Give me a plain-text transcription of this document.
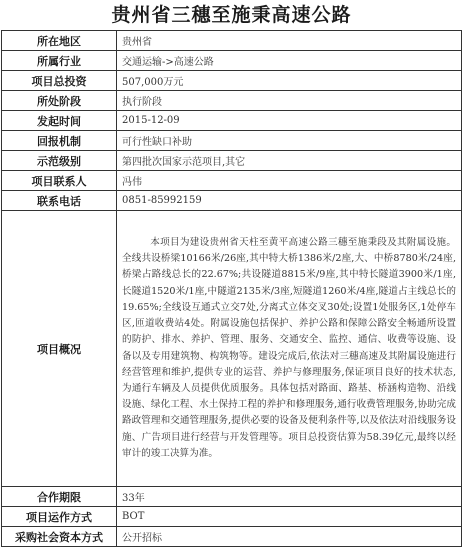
贵州省三穗至施秉高速公路
所在地区	贵州省
所属行业	交通运输->高速公路
项目总投资	507,000万元
所处阶段	执行阶段
发起时间	2015-12-09
回报机制	可行性缺口补助
示范级别	第四批次国家示范项目,其它
项目联系人	冯伟
联系电话	0851-85992159
项目概况	本项目为建设贵州省天柱至黄平高速公路三穗至施秉段及其附属设施。全线共设桥梁10166米/26座,其中特大桥1386米/2座,大、中桥8780米/24座,桥梁占路线总长的22.67%;共设隧道8815米/9座,其中特长隧道3900米/1座,长隧道1520米/1座,中隧道2135米/3座,短隧道1260米/4座,隧道占主线总长的19.65%;全线设互通式立交7处,分离式立体交叉30处;设置1处服务区,1处停车区,匝道收费站4处。附属设施包括保护、养护公路和保障公路安全畅通所设置的防护、排水、养护、管理、服务、交通安全、监控、通信、收费等设施、设备以及专用建筑物、构筑物等。建设完成后,依法对三穗高速及其附属设施进行经营管理和维护,提供专业的运营、养护与修理服务,保证项目良好的技术状态,为通行车辆及人员提供优质服务。具体包括对路面、路基、桥涵构造物、沿线设施、绿化工程、水土保持工程的养护和修理服务,通行收费管理服务,协助完成路政管理和交通管理服务,提供必要的设备及便利条件等,以及依法对沿线服务设施、广告项目进行经营与开发管理等。项目总投资估算为58.39亿元,最终以经审计的竣工决算为准。
合作期限	33年
项目运作方式	BOT
采购社会资本方式	公开招标
